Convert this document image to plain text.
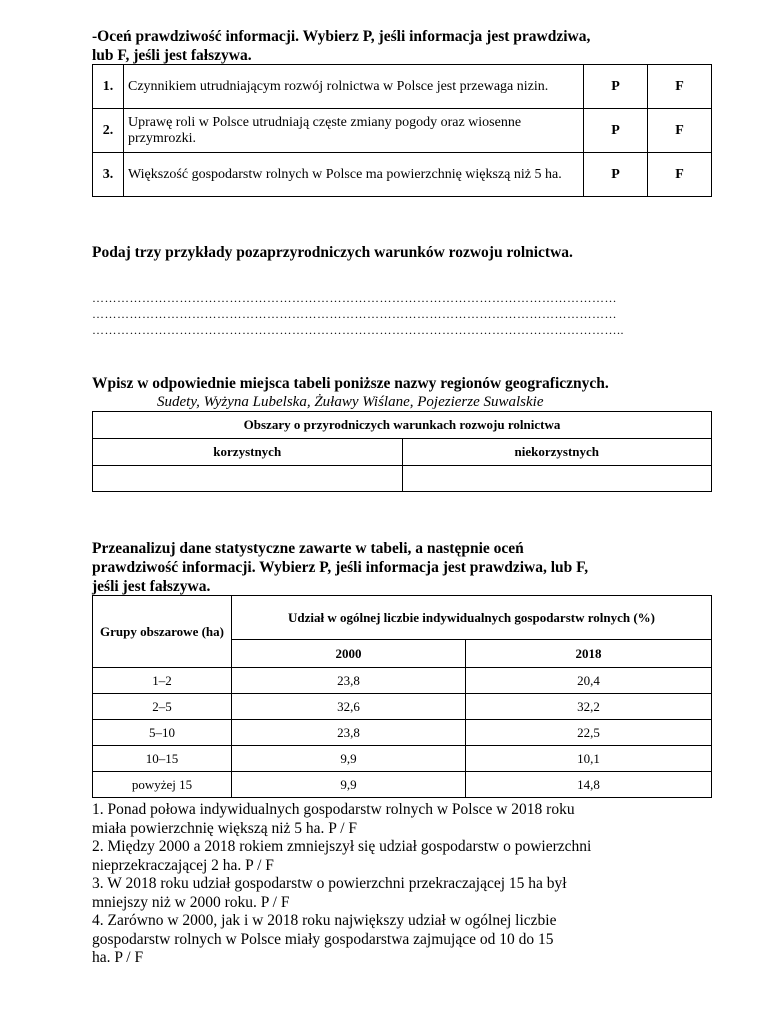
-Oceń prawdziwość informacji. Wybierz P, jeśli informacja jest prawdziwa,
lub F, jeśli jest fałszywa.
1.	Czynnikiem utrudniającym rozwój rolnictwa w Polsce jest przewaga nizin.	P	F
2.	Uprawę roli w Polsce utrudniają częste zmiany pogody oraz wiosenne przymrozki.	P	F
3.	Większość gospodarstw rolnych w Polsce ma powierzchnię większą niż 5 ha.	P	F
Podaj trzy przykłady pozaprzyrodniczych warunków rozwoju rolnictwa.
………………………………………………………………………………………………………………
………………………………………………………………………………………………………………
………………………………………………………………………………………………………………..
Wpisz w odpowiednie miejsca tabeli poniższe nazwy regionów geograficznych.
Sudety, Wyżyna Lubelska, Żuławy Wiślane, Pojezierze Suwalskie
Obszary o przyrodniczych warunkach rozwoju rolnictwa	
korzystnych	niekorzystnych

Przeanalizuj dane statystyczne zawarte w tabeli, a następnie oceń
prawdziwość informacji. Wybierz P, jeśli informacja jest prawdziwa, lub F,
jeśli jest fałszywa.
Grupy obszarowe (ha)	Udział w ogólnej liczbie indywidualnych gospodarstw rolnych (%)	
	2000	2018
1–2	23,8	20,4
2–5	32,6	32,2
5–10	23,8	22,5
10–15	9,9	10,1
powyżej 15	9,9	14,8

1. Ponad połowa indywidualnych gospodarstw rolnych w Polsce w 2018 roku

miała powierzchnię większą niż 5 ha. P / F

2. Między 2000 a 2018 rokiem zmniejszył się udział gospodarstw o powierzchni

nieprzekraczającej 2 ha. P / F

3. W 2018 roku udział gospodarstw o powierzchni przekraczającej 15 ha był

mniejszy niż w 2000 roku. P / F

4. Zarówno w 2000, jak i w 2018 roku największy udział w ogólnej liczbie

gospodarstw rolnych w Polsce miały gospodarstwa zajmujące od 10 do 15

ha. P / F
